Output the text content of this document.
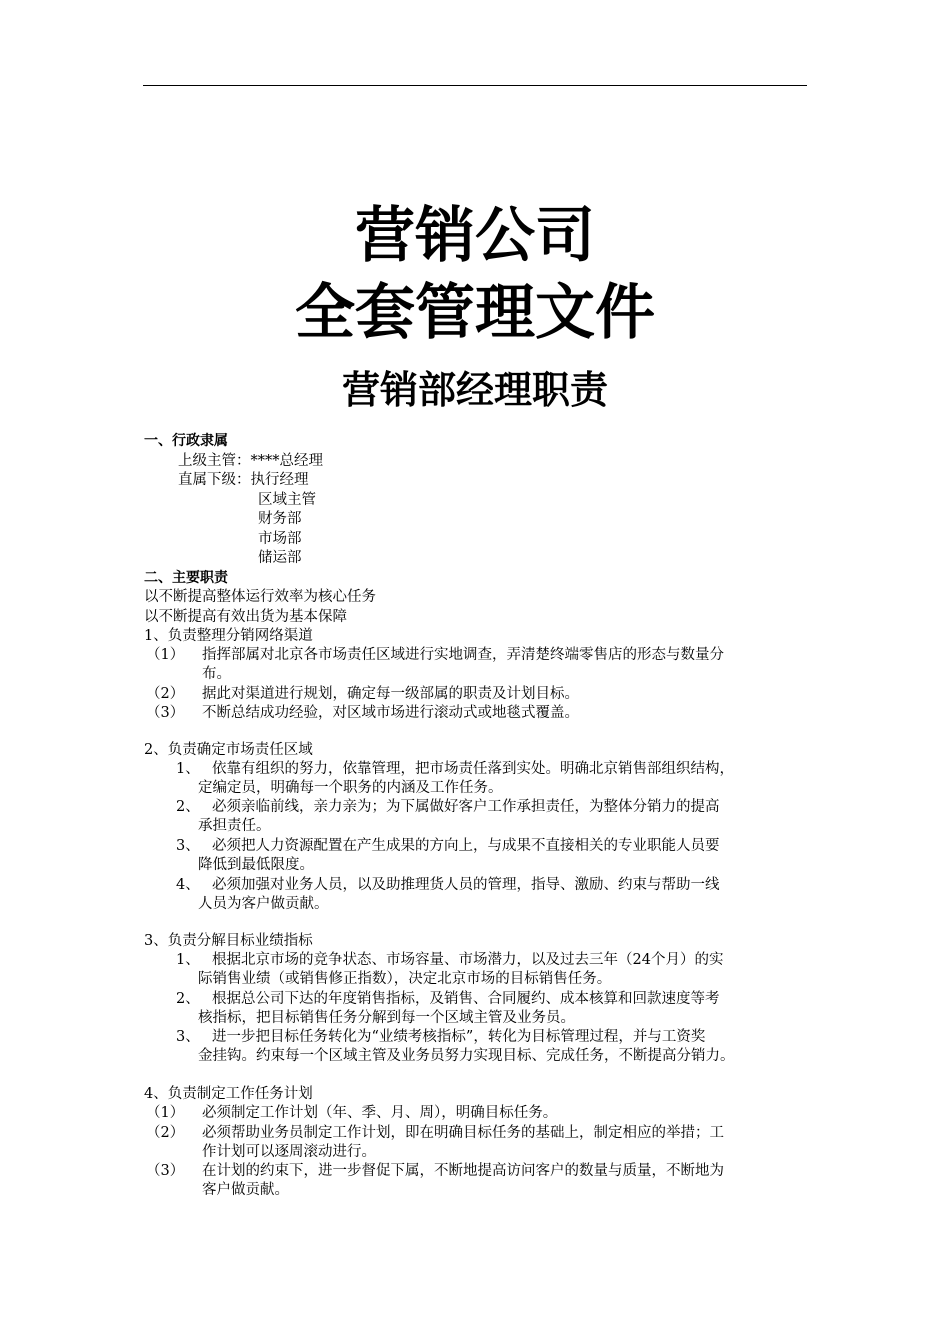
营销公司
全套管理文件
营销部经理职责
一、行政隶属
上级主管：****总经理
直属下级：执行经理
区域主管
财务部
市场部
储运部
二、主要职责
以不断提高整体运行效率为核心任务
以不断提高有效出货为基本保障
1、负责整理分销网络渠道
（1） 指挥部属对北京各市场责任区域进行实地调查，弄清楚终端零售店的形态与数量分
布。
（2） 据此对渠道进行规划，确定每一级部属的职责及计划目标。
（3） 不断总结成功经验，对区域市场进行滚动式或地毯式覆盖。
2、负责确定市场责任区域
1、 依靠有组织的努力，依靠管理，把市场责任落到实处。明确北京销售部组织结构，
定编定员，明确每一个职务的内涵及工作任务。
2、 必须亲临前线，亲力亲为；为下属做好客户工作承担责任，为整体分销力的提高
承担责任。
3、 必须把人力资源配置在产生成果的方向上，与成果不直接相关的专业职能人员要
降低到最低限度。
4、 必须加强对业务人员，以及助推理货人员的管理，指导、激励、约束与帮助一线
人员为客户做贡献。
3、负责分解目标业绩指标
1、 根据北京市场的竞争状态、市场容量、市场潜力，以及过去三年（24个月）的实
际销售业绩（或销售修正指数），决定北京市场的目标销售任务。
2、 根据总公司下达的年度销售指标，及销售、合同履约、成本核算和回款速度等考
核指标，把目标销售任务分解到每一个区域主管及业务员。
3、 进一步把目标任务转化为“业绩考核指标”，转化为目标管理过程，并与工资奖
金挂钩。约束每一个区域主管及业务员努力实现目标、完成任务，不断提高分销力。
4、负责制定工作任务计划
（1） 必须制定工作计划（年、季、月、周），明确目标任务。
（2） 必须帮助业务员制定工作计划，即在明确目标任务的基础上，制定相应的举措；工
作计划可以逐周滚动进行。
（3） 在计划的约束下，进一步督促下属，不断地提高访问客户的数量与质量，不断地为
客户做贡献。
